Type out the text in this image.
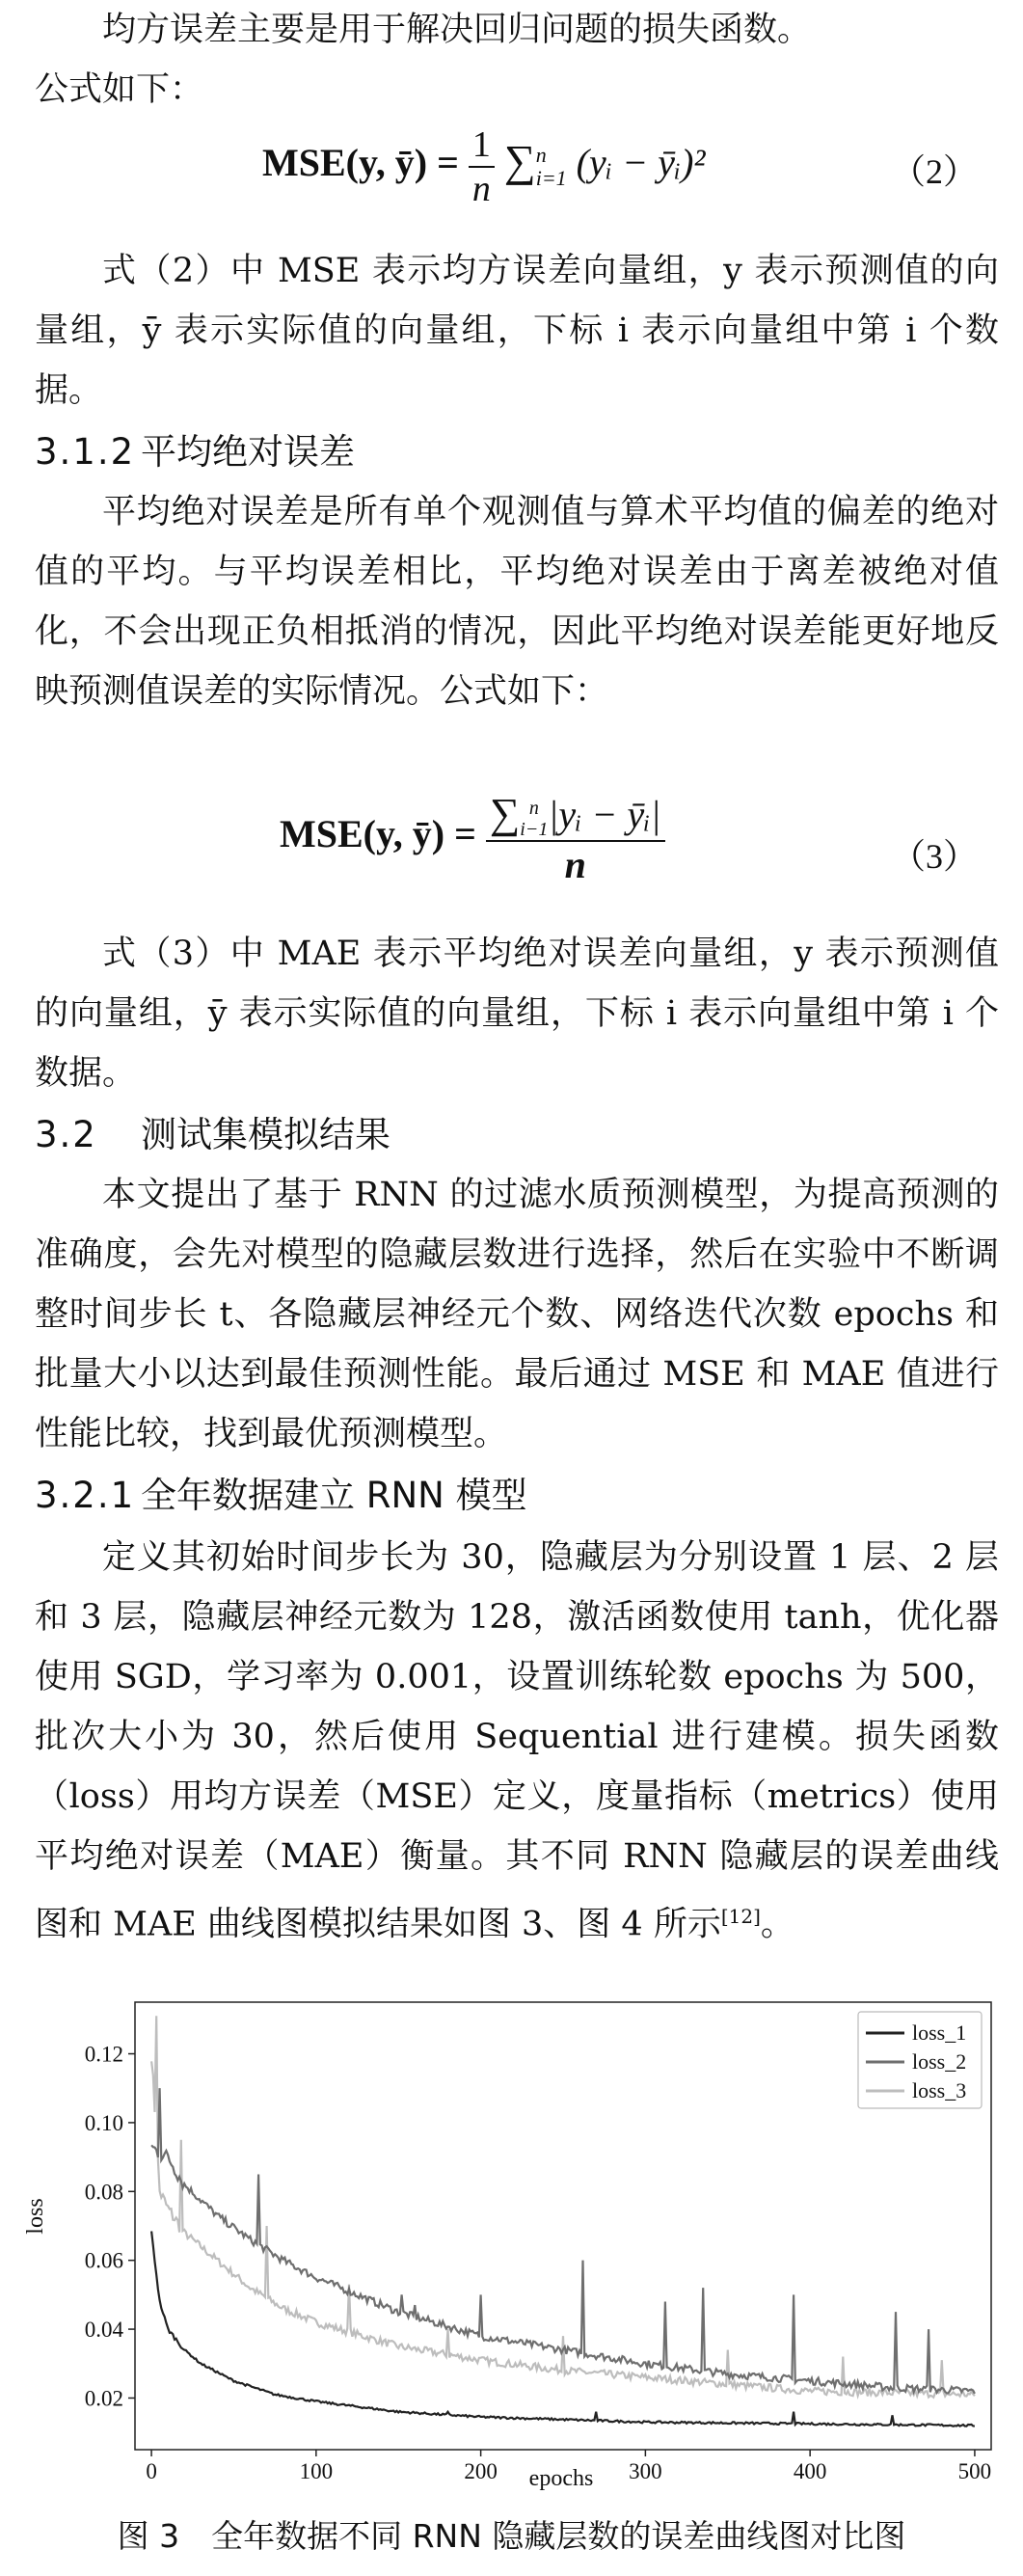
均方误差主要是用于解决回归问题的损失函数。
公式如下：
MSE(y, ȳ) = $\frac{1}{n}$ ∑ n
i=1 (yᵢ − ȳᵢ)²	（2）
式（2）中 MSE 表示均方误差向量组，y 表示预测值的向量组，ȳ 表示实际值的向量组，下标 i 表示向量组中第 i 个数据。
3.1.2 平均绝对误差
平均绝对误差是所有单个观测值与算术平均值的偏差的绝对值的平均。与平均误差相比，平均绝对误差由于离差被绝对值化，不会出现正负相抵消的情况，因此平均绝对误差能更好地反映预测值误差的实际情况。公式如下：
MSE(y, ȳ) = ∑ n
i−1 |yᵢ − ȳᵢ|
n	（3）
式（3）中 MAE 表示平均绝对误差向量组，y 表示预测值的向量组，ȳ 表示实际值的向量组，下标 i 表示向量组中第 i 个数据。
3.2 测试集模拟结果
本文提出了基于 RNN 的过滤水质预测模型，为提高预测的准确度，会先对模型的隐藏层数进行选择，然后在实验中不断调整时间步长 t、各隐藏层神经元个数、网络迭代次数 epochs 和批量大小以达到最佳预测性能。最后通过 MSE 和 MAE 值进行性能比较，找到最优预测模型。
3.2.1 全年数据建立 RNN 模型
定义其初始时间步长为 30，隐藏层为分别设置 1 层、2 层和 3 层，隐藏层神经元数为 128，激活函数使用 tanh，优化器使用 SGD，学习率为 0.001，设置训练轮数 epochs 为 500，批次大小为 30，然后使用 Sequential 进行建模。损失函数（loss）用均方误差（MSE）定义，度量指标（metrics）使用平均绝对误差（MAE）衡量。其不同 RNN 隐藏层的误差曲线图和 MAE 曲线图模拟结果如图 3、图 4 所示[12]。
0	100	200	300	400	500
0.02
0.04
0.06
0.08
0.10
0.12
loss_1
loss_2
loss_3
epochs
loss
图 3　全年数据不同 RNN 隐藏层数的误差曲线图对比图
